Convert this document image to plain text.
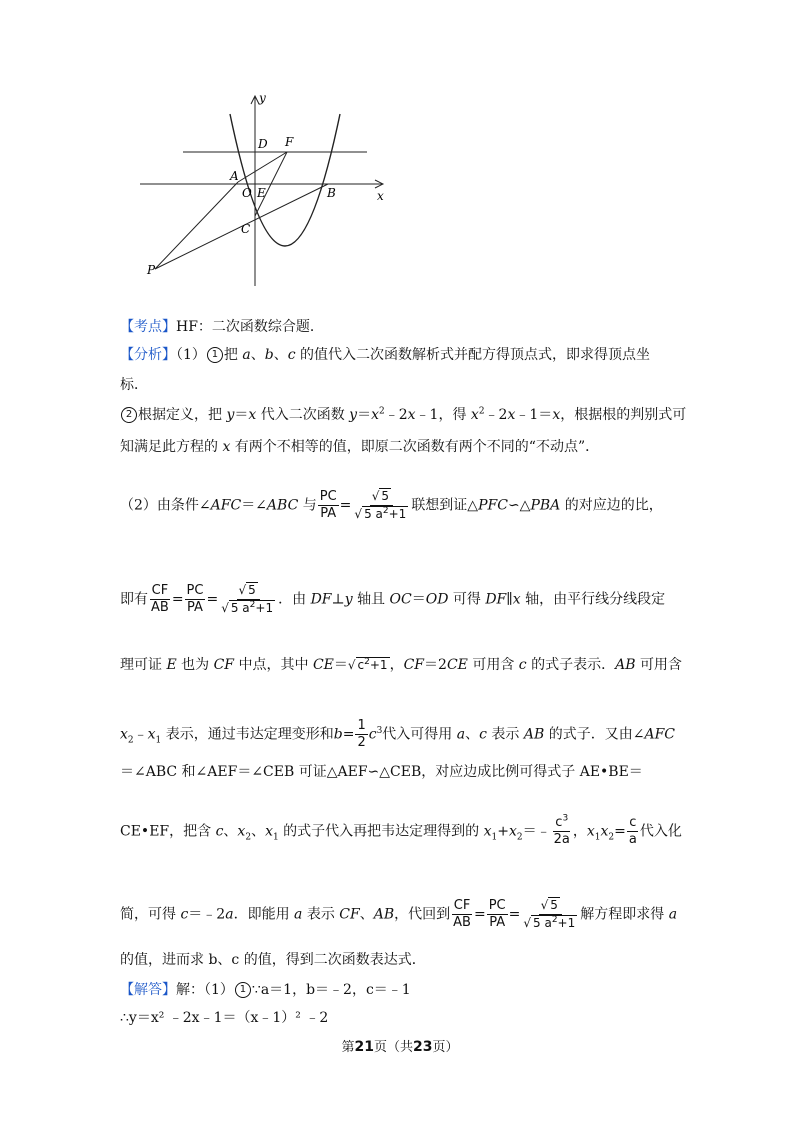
y
x
D F
A
O E	B
C
P
【考点】HF：二次函数综合题．
【分析】（1） 1 把 a、b、c 的值代入二次函数解析式并配方得顶点式，即求得顶点坐
标．
2 根据定义，把 y＝x 代入二次函数 $y=x^2﹣2x﹣1$，得 $x^2﹣2x﹣1=x$，根据根的判别式可
知满足此方程的 x 有两个不相等的值，即原二次函数有两个不同的“不动点”．
（2）由条件∠AFC＝∠ABC 与 $\frac{PC}{PA} = \frac{√ 5}{√ 5 a^2+1}$ 联想到证△PFC∽△PBA 的对应边的比，
即有 $\frac{CF}{AB} = \frac{PC}{PA} = \frac{√ 5}{√ 5 a^2+1}$ ．由 DF⊥y 轴且 OC＝OD 可得 DF∥x 轴，由平行线分线段定
理可证 E 也为 CF 中点，其中 CE＝√ $c^2+1$ ，CF＝2CE 可用含 c 的式子表示．AB 可用含
$x_2﹣x_1$ 表示，通过韦达定理变形和$b= \frac{1}{2} c^3$代入可得用 a、c 表示 AB 的式子．又由∠AFC
＝∠ABC 和∠AEF＝∠CEB 可证△AEF∽△CEB，对应边成比例可得式子 AE•BE＝
CE•EF，把含 c、$x_2$、$x_1$ 的式子代入再把韦达定理得到的 $x_1+x_2=﹣ \frac{c^3}{2a}$ ，$x_1x_2= \frac{c}{a}$ 代入化
简，可得 c＝﹣2a．即能用 a 表示 CF、AB，代回到 $\frac{CF}{AB} = \frac{PC}{PA} = \frac{√ 5}{√ 5 a^2+1}$ 解方程即求得 a
的值，进而求 b、c 的值，得到二次函数表达式．
【解答】解：（1） 1 ∵a＝1，b＝﹣2，c＝﹣1
∴y＝x² ﹣2x﹣1＝（x﹣1）² ﹣2
第21页（共23页）
